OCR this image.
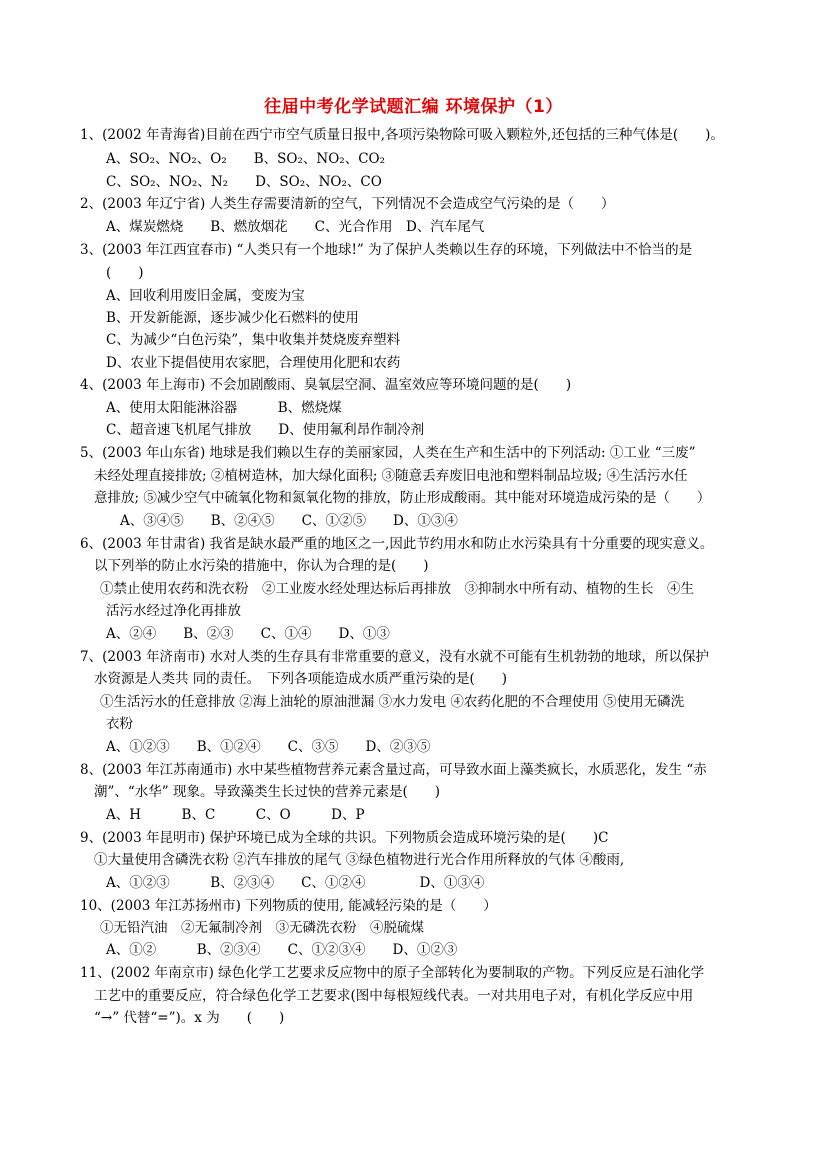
往届中考化学试题汇编 环境保护（1）
1、(2002 年青海省)目前在西宁市空气质量日报中,各项污染物除可吸入颗粒外,还包括的三种气体是(　　)。
A、SO₂、NO₂、O₂　　B、SO₂、NO₂、CO₂
C、SO₂、NO₂、N₂　　D、SO₂、NO₂、CO
2、(2003 年辽宁省) 人类生存需要清新的空气，下列情况不会造成空气污染的是（　　）
A、煤炭燃烧　　B、燃放烟花　　C、光合作用　D、汽车尾气
3、(2003 年江西宜春市) “人类只有一个地球!” 为了保护人类赖以生存的环境，下列做法中不恰当的是
(　　)
A、回收利用废旧金属，变废为宝
B、开发新能源，逐步减少化石燃料的使用
C、为减少“白色污染”，集中收集并焚烧废弃塑料
D、农业下提倡使用农家肥，合理使用化肥和农药
4、(2003 年上海市) 不会加剧酸雨、臭氧层空洞、温室效应等环境问题的是(　　)
A、使用太阳能淋浴器　　　B、燃烧煤
C、超音速飞机尾气排放　　D、使用氟利昂作制冷剂
5、(2003 年山东省) 地球是我们赖以生存的美丽家园，人类在生产和生活中的下列活动: ①工业 “三废”
未经处理直接排放; ②植树造林，加大绿化面积; ③随意丢弃废旧电池和塑料制品垃圾; ④生活污水任
意排放; ⑤减少空气中硫氧化物和氮氧化物的排放，防止形成酸雨。其中能对环境造成污染的是（　　）
A、③④⑤　　B、②④⑤　　C、①②⑤　　D、①③④
6、(2003 年甘肃省) 我省是缺水最严重的地区之一,因此节约用水和防止水污染具有十分重要的现实意义。
以下列举的防止水污染的措施中，你认为合理的是(　　)
①禁止使用农药和洗衣粉　②工业废水经处理达标后再排放　③抑制水中所有动、植物的生长　④生
活污水经过净化再排放
A、②④　　B、②③　　C、①④　　D、①③
7、(2003 年济南市) 水对人类的生存具有非常重要的意义，没有水就不可能有生机勃勃的地球，所以保护
水资源是人类共 同的责任。　下列各项能造成水质严重污染的是(　　)
①生活污水的任意排放 ②海上油轮的原油泄漏 ③水力发电 ④农药化肥的不合理使用 ⑤使用无磷洗
衣粉
A、①②③　　B、①②④　　C、③⑤　　D、②③⑤
8、(2003 年江苏南通市) 水中某些植物营养元素含量过高，可导致水面上藻类疯长，水质恶化，发生 “赤
潮”、“水华” 现象。导致藻类生长过快的营养元素是(　　)
A、H　　　B、C　　　C、O　　　D、P
9、(2003 年昆明市) 保护环境已成为全球的共识。下列物质会造成环境污染的是(　　)C
①大量使用含磷洗衣粉 ②汽车排放的尾气 ③绿色植物进行光合作用所释放的气体 ④酸雨,
A、①②③　　　B、②③④　　C、①②④　　　　D、①③④
10、(2003 年江苏扬州市) 下列物质的使用, 能减轻污染的是（　　）
①无铅汽油　②无氟制冷剂　③无磷洗衣粉　④脱硫煤
A、①②　　　B、②③④　　C、①②③④　　D、①②③
11、(2002 年南京市) 绿色化学工艺要求反应物中的原子全部转化为要制取的产物。下列反应是石油化学
工艺中的重要反应，符合绿色化学工艺要求(图中每根短线代表。一对共用电子对，有机化学反应中用
“→” 代替“=”)。x 为　　(　　)
